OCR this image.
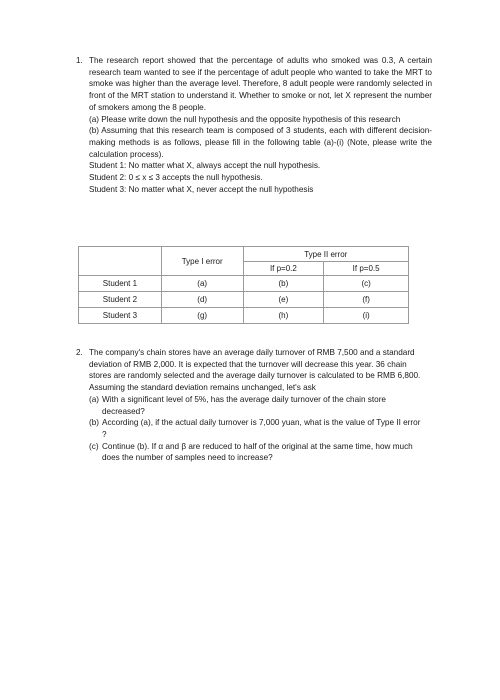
1. The research report showed that the percentage of adults who smoked was 0.3, A certain research team wanted to see if the percentage of adult people who wanted to take the MRT to smoke was higher than the average level. Therefore, 8 adult people were randomly selected in front of the MRT station to understand it. Whether to smoke or not, let X represent the number of smokers among the 8 people.
(a) Please write down the null hypothesis and the opposite hypothesis of this research
(b) Assuming that this research team is composed of 3 students, each with different decision-making methods is as follows, please fill in the following table (a)-(i) (Note, please write the calculation process).
Student 1: No matter what X, always accept the null hypothesis.
Student 2: 0 ≤ x ≤ 3 accepts the null hypothesis.
Student 3: No matter what X, never accept the null hypothesis
	Type I error	Type II error	
		If p=0.2	If p=0.5
Student 1	(a)	(b)	(c)
Student 2	(d)	(e)	(f)
Student 3	(g)	(h)	(i)
2. The company's chain stores have an average daily turnover of RMB 7,500 and a standard deviation of RMB 2,000. It is expected that the turnover will decrease this year. 36 chain stores are randomly selected and the average daily turnover is calculated to be RMB 6,800. Assuming the standard deviation remains unchanged, let's ask
(a) With a significant level of 5%, has the average daily turnover of the chain store decreased?
(b) According (a), if the actual daily turnover is 7,000 yuan, what is the value of Type II error ?
(c) Continue (b). If α and β are reduced to half of the original at the same time, how much does the number of samples need to increase?
